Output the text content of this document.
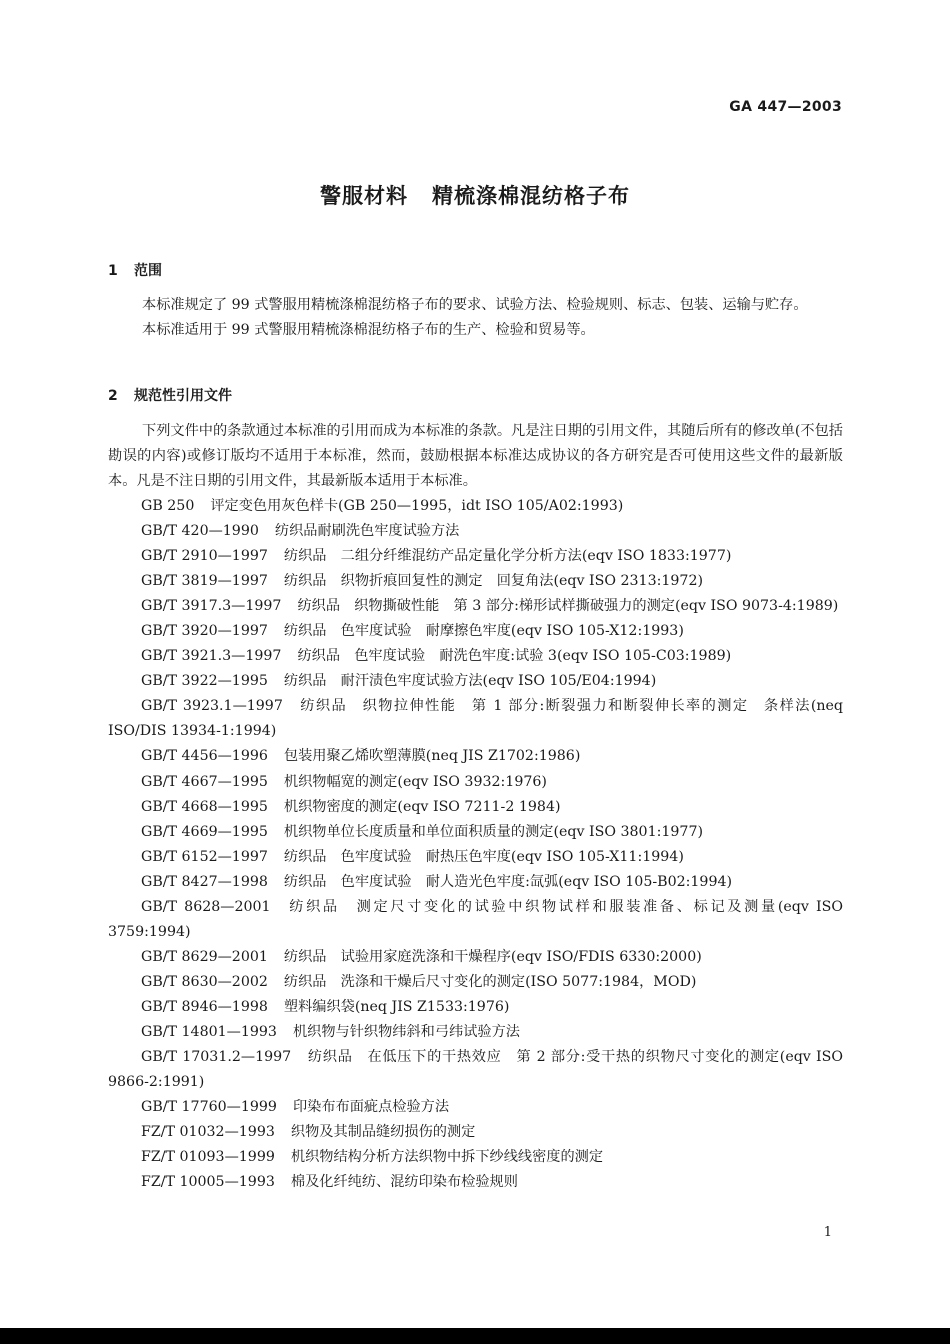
GA 447—2003
警服材料 精梳涤棉混纺格子布
1 范围

本标准规定了 99 式警服用精梳涤棉混纺格子布的要求、试验方法、检验规则、标志、包装、运输与贮存。

本标准适用于 99 式警服用精梳涤棉混纺格子布的生产、检验和贸易等。

2 规范性引用文件

下列文件中的条款通过本标准的引用而成为本标准的条款。凡是注日期的引用文件，其随后所有的修改单(不包括勘误的内容)或修订版均不适用于本标准，然而，鼓励根据本标准达成协议的各方研究是否可使用这些文件的最新版本。凡是不注日期的引用文件，其最新版本适用于本标准。

GB 250 评定变色用灰色样卡(GB 250—1995，idt ISO 105/A02:1993)

GB/T 420—1990 纺织品耐刷洗色牢度试验方法

GB/T 2910—1997 纺织品　二组分纤维混纺产品定量化学分析方法(eqv ISO 1833:1977)

GB/T 3819—1997 纺织品　织物折痕回复性的测定　回复角法(eqv ISO 2313:1972)

GB/T 3917.3—1997 纺织品　织物撕破性能　第 3 部分:梯形试样撕破强力的测定(eqv ISO 9073-4:1989)

GB/T 3920—1997 纺织品　色牢度试验　耐摩擦色牢度(eqv ISO 105-X12:1993)

GB/T 3921.3—1997 纺织品　色牢度试验　耐洗色牢度:试验 3(eqv ISO 105-C03:1989)

GB/T 3922—1995 纺织品　耐汗渍色牢度试验方法(eqv ISO 105/E04:1994)

GB/T 3923.1—1997 纺织品　织物拉伸性能　第 1 部分:断裂强力和断裂伸长率的测定　条样法(neq ISO/DIS 13934-1:1994)

GB/T 4456—1996 包装用聚乙烯吹塑薄膜(neq JIS Z1702:1986)

GB/T 4667—1995 机织物幅宽的测定(eqv ISO 3932:1976)

GB/T 4668—1995 机织物密度的测定(eqv ISO 7211-2 1984)

GB/T 4669—1995 机织物单位长度质量和单位面积质量的测定(eqv ISO 3801:1977)

GB/T 6152—1997 纺织品　色牢度试验　耐热压色牢度(eqv ISO 105-X11:1994)

GB/T 8427—1998 纺织品　色牢度试验　耐人造光色牢度:氙弧(eqv ISO 105-B02:1994)

GB/T 8628—2001 纺织品　测定尺寸变化的试验中织物试样和服装准备、标记及测量(eqv ISO 3759:1994)

GB/T 8629—2001 纺织品　试验用家庭洗涤和干燥程序(eqv ISO/FDIS 6330:2000)

GB/T 8630—2002 纺织品　洗涤和干燥后尺寸变化的测定(ISO 5077:1984，MOD)

GB/T 8946—1998 塑料编织袋(neq JIS Z1533:1976)

GB/T 14801—1993 机织物与针织物纬斜和弓纬试验方法

GB/T 17031.2—1997 纺织品　在低压下的干热效应　第 2 部分:受干热的织物尺寸变化的测定(eqv ISO 9866-2:1991)

GB/T 17760—1999 印染布布面疵点检验方法

FZ/T 01032—1993 织物及其制品缝纫损伤的测定

FZ/T 01093—1999 机织物结构分析方法织物中拆下纱线线密度的测定

FZ/T 10005—1993 棉及化纤纯纺、混纺印染布检验规则

1
